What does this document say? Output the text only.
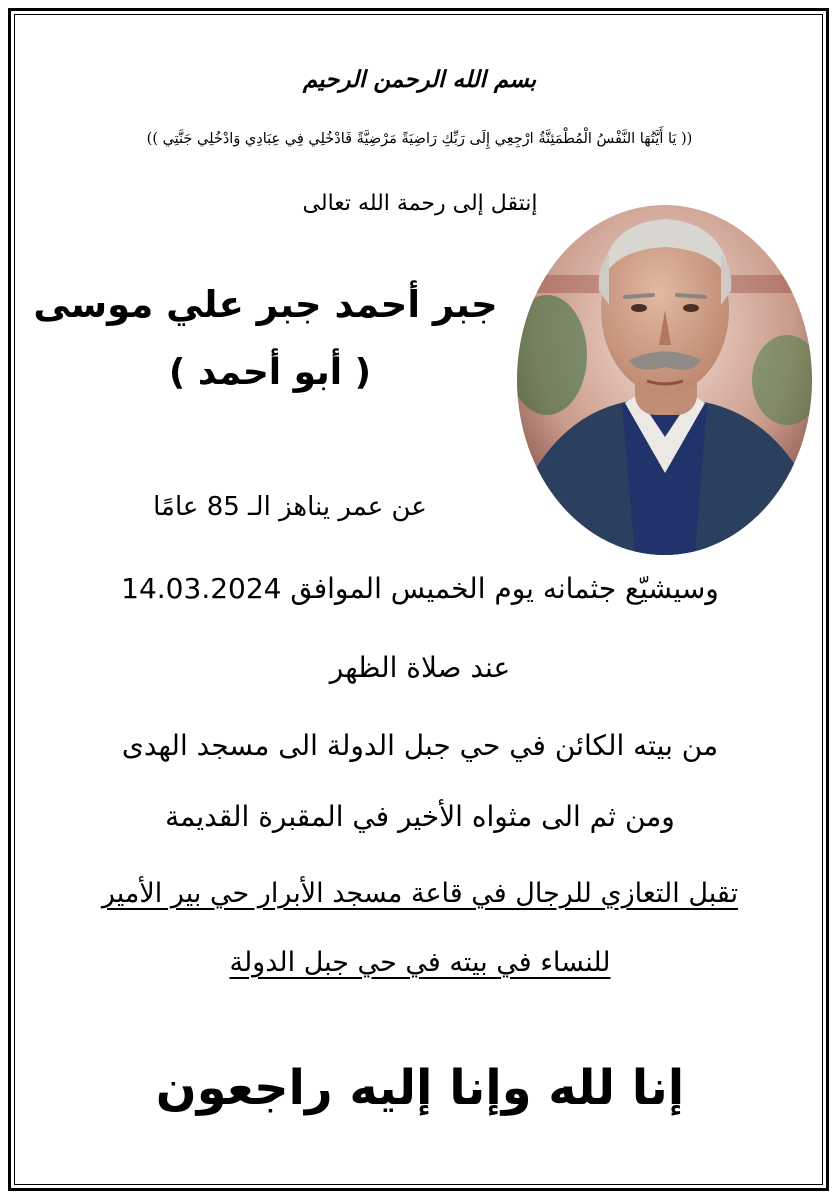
بسم الله الرحمن الرحيم
(( يَا أَيَّتُهَا النَّفْسُ الْمُطْمَئِنَّةُ ارْجِعِي إِلَى رَبِّكِ رَاضِيَةً مَرْضِيَّةً فَادْخُلِي فِي عِبَادِي وَادْخُلِي جَنَّتِي ))
إنتقل إلى رحمة الله تعالى
جبر أحمد جبر علي موسى
( أبو أحمد )
عن عمر يناهز الـ 85 عامًا
وسيشيّع جثمانه يوم الخميس الموافق 14.03.2024
عند صلاة الظهر
من بيته الكائن في حي جبل الدولة الى مسجد الهدى
ومن ثم الى مثواه الأخير في المقبرة القديمة
تقبل التعازي للرجال في قاعة مسجد الأبرار حي بير الأمير
للنساء في بيته في حي جبل الدولة
إنا لله وإنا إليه راجعون
